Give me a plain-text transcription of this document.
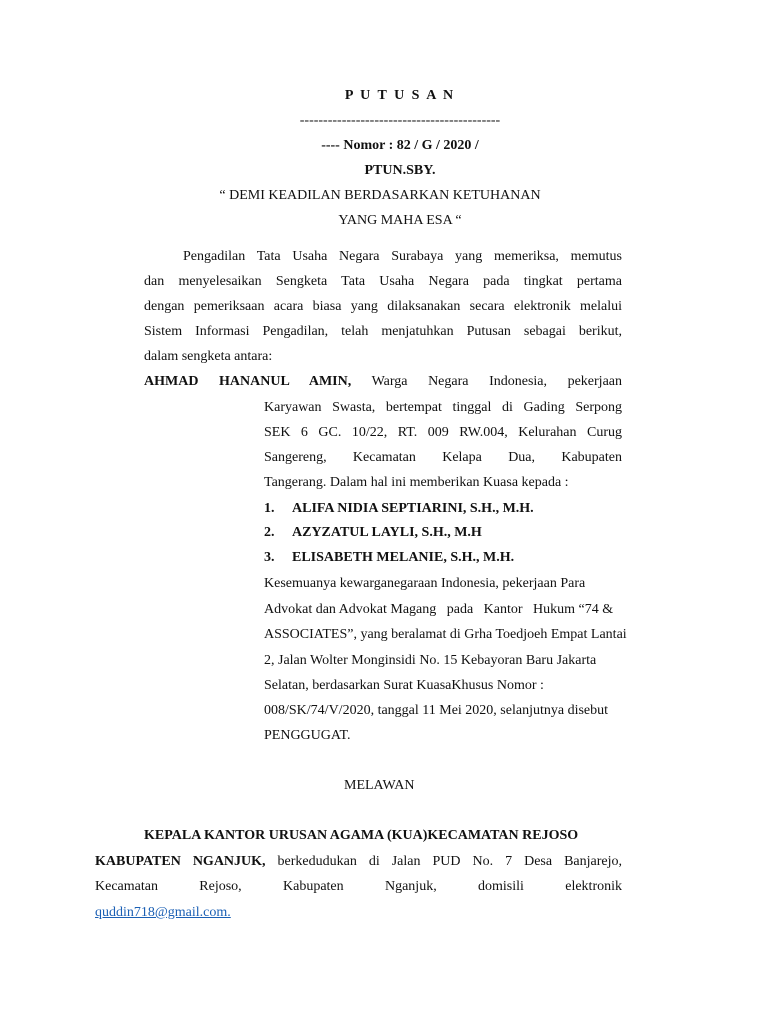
P U T U S A N
-------------------------------------------
---- Nomor : 82 / G / 2020 /
PTUN.SBY.
“ DEMI KEADILAN BERDASARKAN KETUHANAN
YANG MAHA ESA “
Pengadilan Tata Usaha Negara Surabaya yang memeriksa, memutus
dan menyelesaikan Sengketa Tata Usaha Negara pada tingkat pertama
dengan pemeriksaan acara biasa yang dilaksanakan secara elektronik melalui
Sistem Informasi Pengadilan, telah menjatuhkan Putusan sebagai berikut,
dalam sengketa antara:
AHMAD HANANUL AMIN, Warga Negara Indonesia, pekerjaan
Karyawan Swasta, bertempat tinggal di Gading Serpong
SEK 6 GC. 10/22, RT. 009 RW.004, Kelurahan Curug
Sangereng, Kecamatan Kelapa Dua, Kabupaten
Tangerang. Dalam hal ini memberikan Kuasa kepada :
1. ALIFA NIDIA SEPTIARINI, S.H., M.H.
2. AZYZATUL LAYLI, S.H., M.H
3. ELISABETH MELANIE, S.H., M.H.
Kesemuanya kewarganegaraan Indonesia, pekerjaan Para
Advokat dan Advokat Magang   pada   Kantor   Hukum “74 &
ASSOCIATES”, yang beralamat di Grha Toedjoeh Empat Lantai
2, Jalan Wolter Monginsidi No. 15 Kebayoran Baru Jakarta
Selatan, berdasarkan Surat KuasaKhusus Nomor :
008/SK/74/V/2020, tanggal 11 Mei 2020, selanjutnya disebut
PENGGUGAT.
MELAWAN
KEPALA KANTOR URUSAN AGAMA (KUA)KECAMATAN REJOSO
KABUPATEN NGANJUK, berkedudukan di Jalan PUD No. 7 Desa Banjarejo,
Kecamatan Rejoso, Kabupaten Nganjuk, domisili elektronik
quddin718@gmail.com.
